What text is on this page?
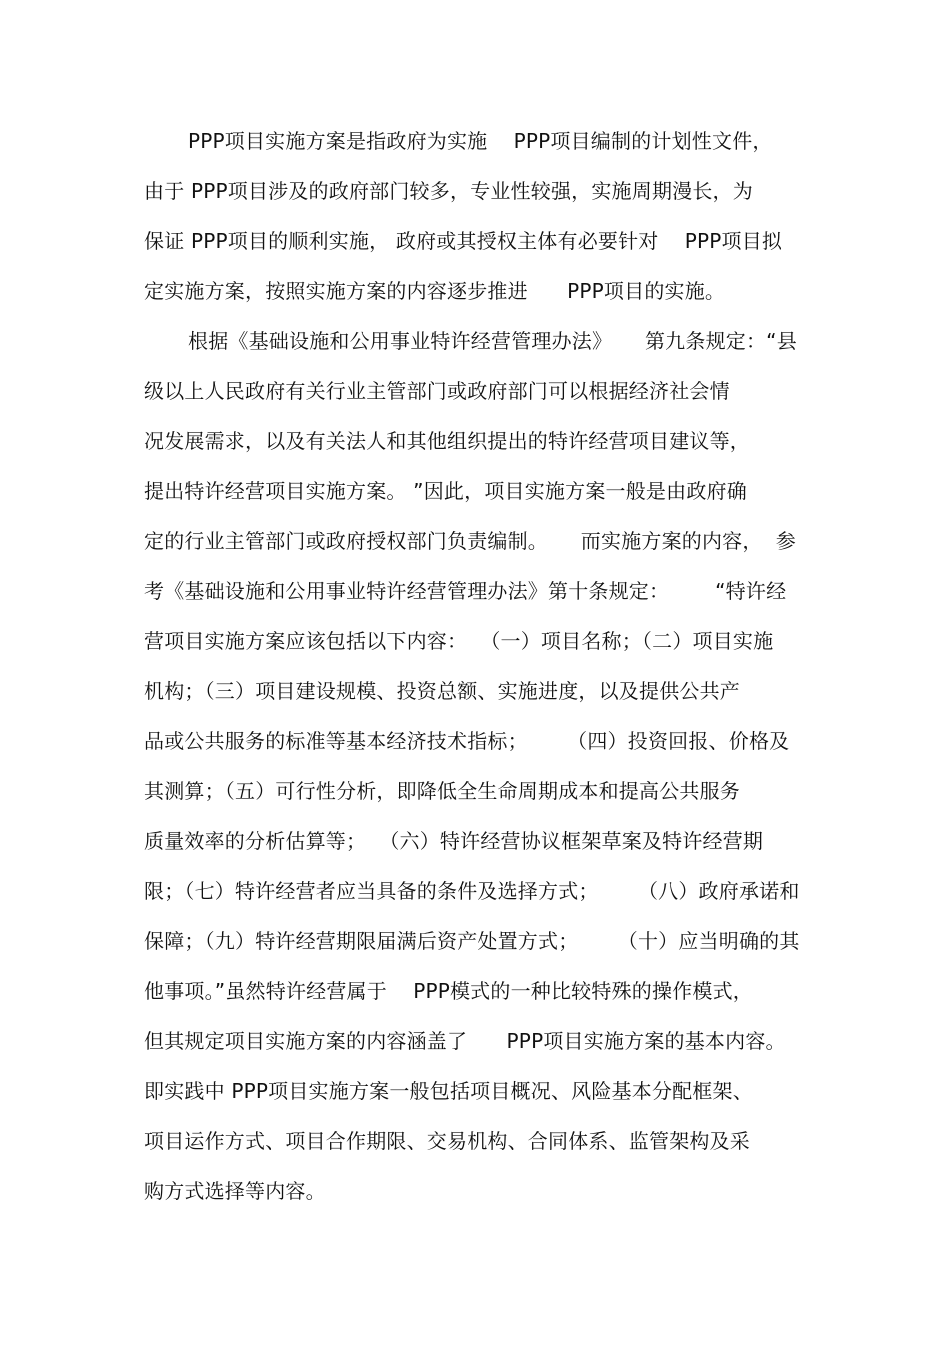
PPP项目实施方案是指政府为实施    PPP项目编制的计划性文件，
由于 PPP项目涉及的政府部门较多，专业性较强，实施周期漫长，为
保证 PPP项目的顺利实施， 政府或其授权主体有必要针对    PPP项目拟
定实施方案，按照实施方案的内容逐步推进      PPP项目的实施。
根据《基础设施和公用事业特许经营管理办法》     第九条规定：“县
级以上人民政府有关行业主管部门或政府部门可以根据经济社会情
况发展需求，以及有关法人和其他组织提出的特许经营项目建议等，
提出特许经营项目实施方案。 ”因此，项目实施方案一般是由政府确
定的行业主管部门或政府授权部门负责编制。     而实施方案的内容，  参
考《基础设施和公用事业特许经营管理办法》第十条规定：       “特许经
营项目实施方案应该包括以下内容：  （一）项目名称；（二）项目实施
机构；（三）项目建设规模、投资总额、实施进度，以及提供公共产
品或公共服务的标准等基本经济技术指标；      （四）投资回报、价格及
其测算；（五）可行性分析，即降低全生命周期成本和提高公共服务
质量效率的分析估算等；  （六）特许经营协议框架草案及特许经营期
限；（七）特许经营者应当具备的条件及选择方式；      （八）政府承诺和
保障；（九）特许经营期限届满后资产处置方式；      （十）应当明确的其
他事项。”虽然特许经营属于    PPP模式的一种比较特殊的操作模式，
但其规定项目实施方案的内容涵盖了      PPP项目实施方案的基本内容。
即实践中 PPP项目实施方案一般包括项目概况、风险基本分配框架、
项目运作方式、项目合作期限、交易机构、合同体系、监管架构及采
购方式选择等内容。
